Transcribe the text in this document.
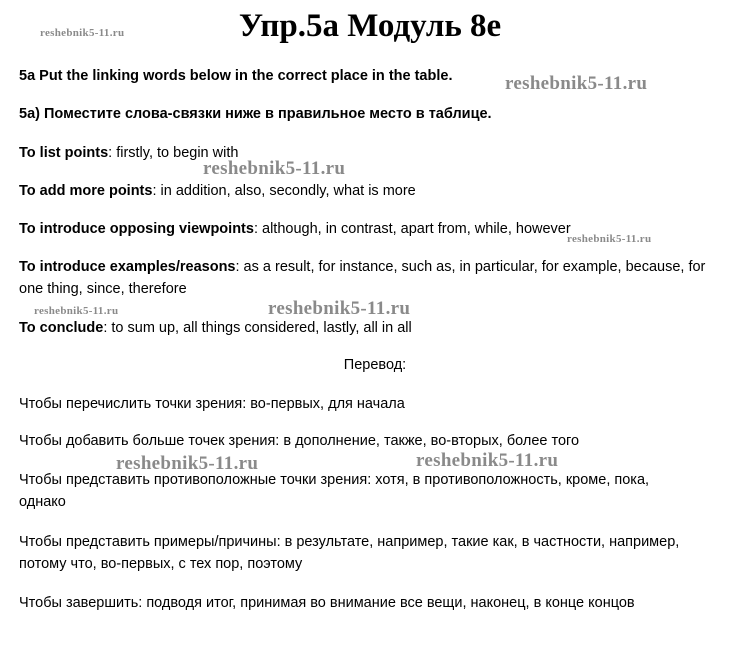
reshebnik5-11.ru
reshebnik5-11.ru
reshebnik5-11.ru
reshebnik5-11.ru
reshebnik5-11.ru
reshebnik5-11.ru
reshebnik5-11.ru	reshebnik5-11.ru
Упр.5а Модуль 8е
5a Put the linking words below in the correct place in the table.
5а) Поместите слова-связки ниже в правильное место в таблице.
To list points: firstly, to begin with
To add more points: in addition, also, secondly, what is more
To introduce opposing viewpoints: although, in contrast, apart from, while, however
To introduce examples/reasons: as a result, for instance, such as, in particular, for example, because, for one thing, since, therefore
To conclude: to sum up, all things considered, lastly, all in all
Перевод:
Чтобы перечислить точки зрения: во-первых, для начала
Чтобы добавить больше точек зрения: в дополнение, также, во-вторых, более того
Чтобы представить противоположные точки зрения: хотя, в противоположность, кроме, пока, однако
Чтобы представить примеры/причины: в результате, например, такие как, в частности, например, потому что, во-первых, с тех пор, поэтому
Чтобы завершить: подводя итог, принимая во внимание все вещи, наконец, в конце концов
